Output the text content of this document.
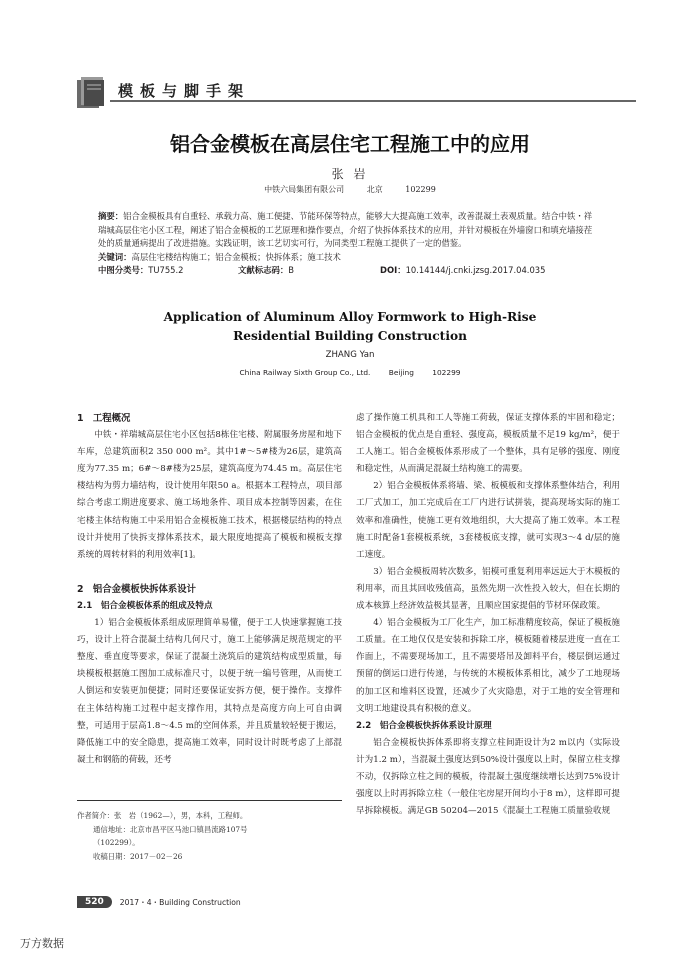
模板与脚手架
铝合金模板在高层住宅工程施工中的应用
张 岩
中铁六局集团有限公司	北京	102299
摘要：铝合金模板具有自重轻、承载力高、施工便捷、节能环保等特点，能够大大提高施工效率，改善混凝土表观质量。结合中铁・祥瑞城高层住宅小区工程，阐述了铝合金模板的工艺原理和操作要点，介绍了快拆体系技术的应用，并针对模板在外墙窗口和填充墙接茬处的质量通病提出了改进措施。实践证明，该工艺切实可行，为同类型工程施工提供了一定的借鉴。
关键词：高层住宅楼结构施工；铝合金模板；快拆体系；施工技术
中图分类号：TU755.2	文献标志码：B	DOI：10.14144/j.cnki.jzsg.2017.04.035
Application of Aluminum Alloy Formwork to High-Rise
Residential Building Construction
ZHANG Yan
China Railway Sixth Group Co., Ltd. Beijing 102299
1　工程概况

中铁・祥瑞城高层住宅小区包括8栋住宅楼、附属服务房屋和地下车库，总建筑面积2 350 000 m²。其中1#～5#楼为26层，建筑高度为77.35 m；6#～8#楼为25层，建筑高度为74.45 m。高层住宅楼结构为剪力墙结构，设计使用年限50 a。根据本工程特点，项目部综合考虑工期进度要求、施工场地条件、项目成本控制等因素，在住宅楼主体结构施工中采用铝合金模板施工技术，根据楼层结构的特点设计并使用了快拆支撑体系技术，最大限度地提高了模板和模板支撑系统的周转材料的利用效率[1]。

2　铝合金模板快拆体系设计
2.1　铝合金模板体系的组成及特点

1）铝合金模板体系组成原理简单易懂，便于工人快速掌握施工技巧，设计上符合混凝土结构几何尺寸，施工上能够满足规范规定的平整度、垂直度等要求，保证了混凝土浇筑后的建筑结构成型质量，每块模板根据施工图加工成标准尺寸，以便于统一编号管理，从而使工人倒运和安装更加便捷；同时还要保证安拆方便，便于操作。支撑件在主体结构施工过程中起支撑作用，其特点是高度方向上可自由调整，可适用于层高1.8～4.5 m的空间体系，并且质量较轻便于搬运，降低施工中的安全隐患，提高施工效率，同时设计时既考虑了上部混凝土和钢筋的荷载，还考

虑了操作施工机具和工人等施工荷载，保证支撑体系的牢固和稳定；铝合金模板的优点是自重轻、强度高，模板质量不足19 kg/m²，便于工人施工。铝合金模板体系形成了一个整体，具有足够的强度、刚度和稳定性，从而满足混凝土结构施工的需要。

2）铝合金模板体系将墙、梁、板模板和支撑体系整体结合，利用工厂式加工，加工完成后在工厂内进行试拼装，提高现场实际的施工效率和准确性，使施工更有效地组织，大大提高了施工效率。本工程施工时配备1套模板系统，3套楼板底支撑，就可实现3～4 d/层的施工速度。

3）铝合金模板周转次数多，铝模可重复利用率远远大于木模板的利用率，而且其回收残值高，虽然先期一次性投入较大，但在长期的成本核算上经济效益极其显著，且顺应国家提倡的节材环保政策。

4）铝合金模板为工厂化生产，加工标准精度较高，保证了模板施工质量。在工地仅仅是安装和拆除工序，模板随着楼层进度一直在工作面上，不需要现场加工，且不需要塔吊及卸料平台，楼层倒运通过预留的倒运口进行传递，与传统的木模板体系相比，减少了工地现场的加工区和堆料区设置，还减少了火灾隐患，对于工地的安全管理和文明工地建设具有积极的意义。

2.2　铝合金模板快拆体系设计原理

铝合金模板快拆体系即将支撑立柱间距设计为2 m以内（实际设计为1.2 m），当混凝土强度达到50%设计强度以上时，保留立柱支撑不动，仅拆除立柱之间的模板，待混凝土强度继续增长达到75%设计强度以上时再拆除立柱（一般住宅房屋开间均小于8 m），这样即可提早拆除模板。满足GB 50204—2015《混凝土工程施工质量验收规

作者简介：张　岩（1962—），男，本科，工程师。
通信地址：北京市昌平区马池口镇昌流路107号
（102299）。
收稿日期：2017－02－26
520	2017・4・Building Construction
万方数据
